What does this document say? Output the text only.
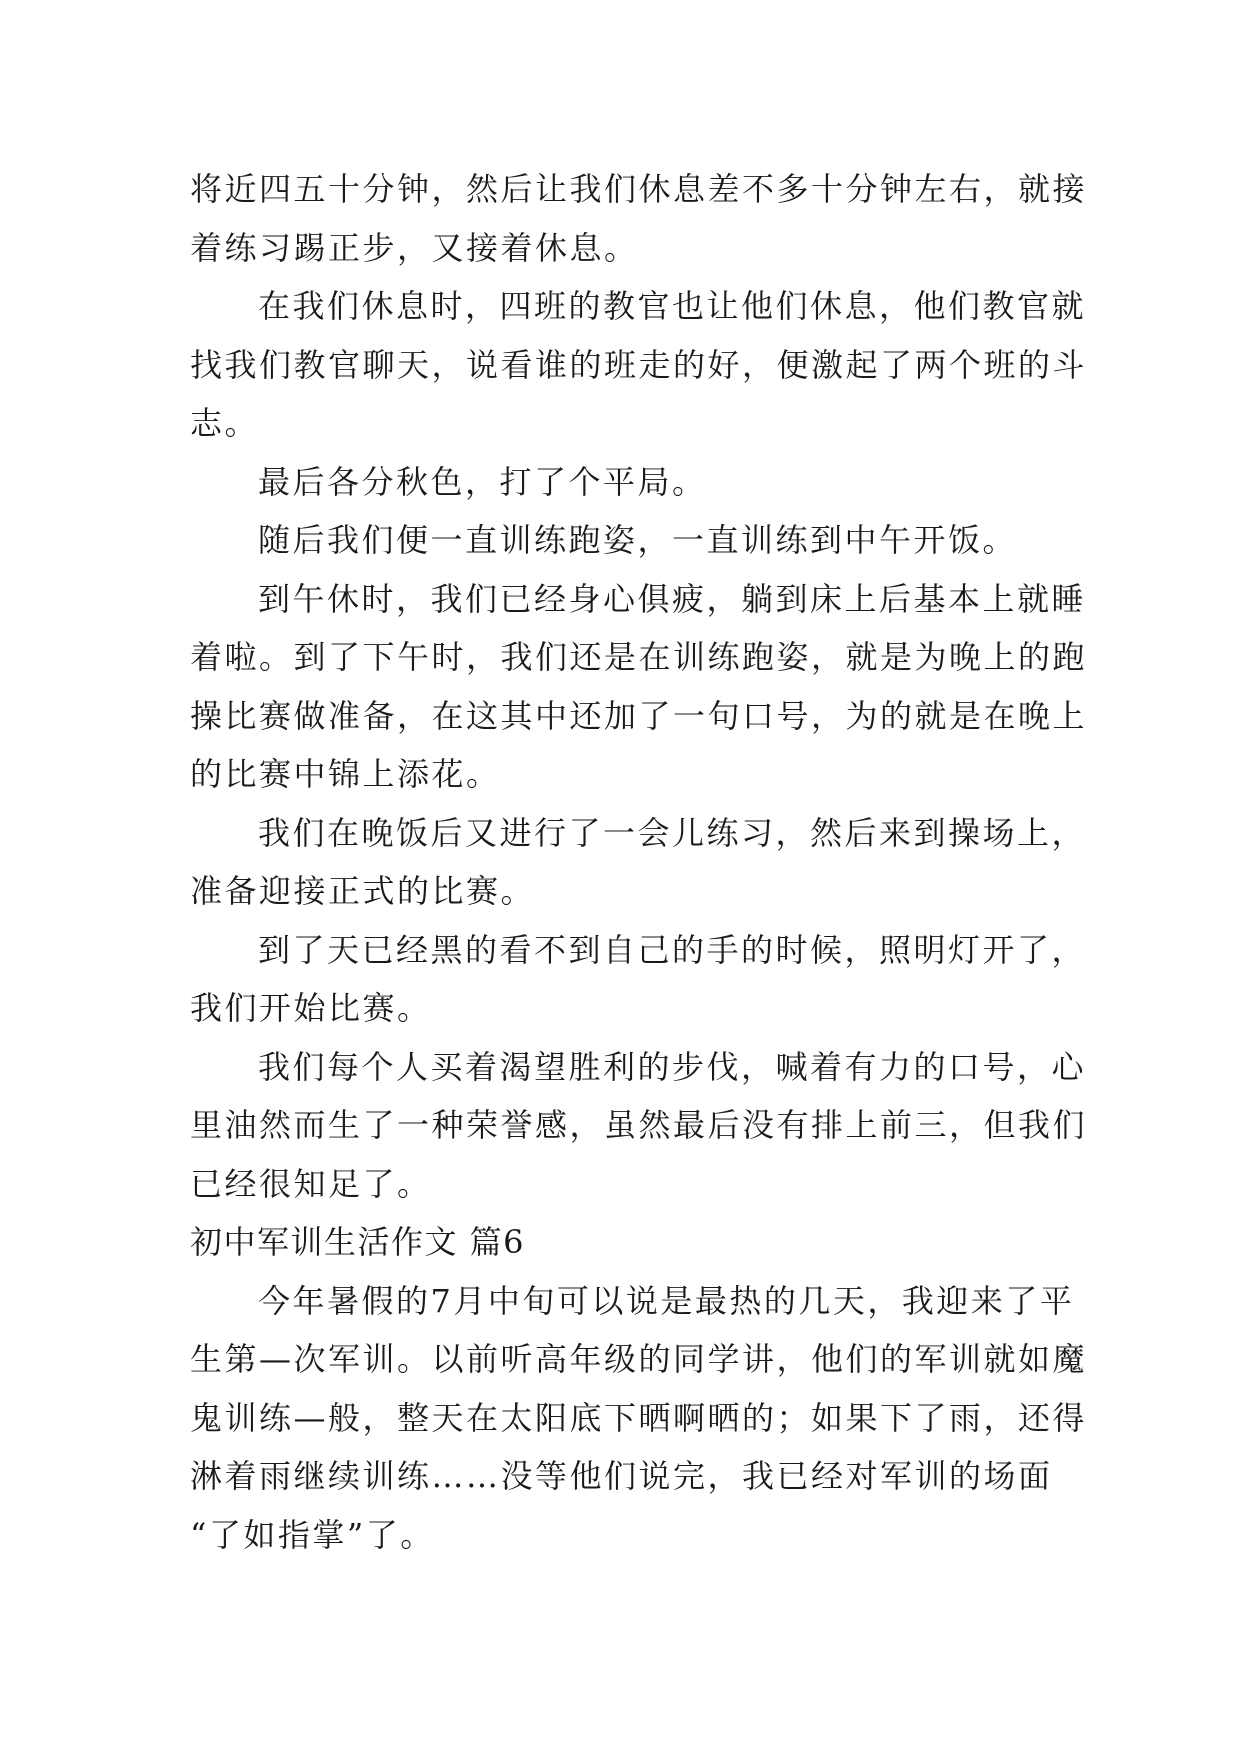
将近四五十分钟，然后让我们休息差不多十分钟左右，就接
着练习踢正步，又接着休息。
在我们休息时，四班的教官也让他们休息，他们教官就
找我们教官聊天，说看谁的班走的好，便激起了两个班的斗
志。
最后各分秋色，打了个平局。
随后我们便一直训练跑姿，一直训练到中午开饭。
到午休时，我们已经身心俱疲，躺到床上后基本上就睡
着啦。到了下午时，我们还是在训练跑姿，就是为晚上的跑
操比赛做准备，在这其中还加了一句口号，为的就是在晚上
的比赛中锦上添花。
我们在晚饭后又进行了一会儿练习，然后来到操场上，
准备迎接正式的比赛。
到了天已经黑的看不到自己的手的时候，照明灯开了，
我们开始比赛。
我们每个人买着渴望胜利的步伐，喊着有力的口号，心
里油然而生了一种荣誉感，虽然最后没有排上前三，但我们
已经很知足了。
初中军训生活作文 篇6
今年暑假的7月中旬可以说是最热的几天，我迎来了平
生第—次军训。以前听高年级的同学讲，他们的军训就如魔
鬼训练—般，整天在太阳底下晒啊晒的；如果下了雨，还得
淋着雨继续训练……没等他们说完，我已经对军训的场面
“了如指掌”了。
